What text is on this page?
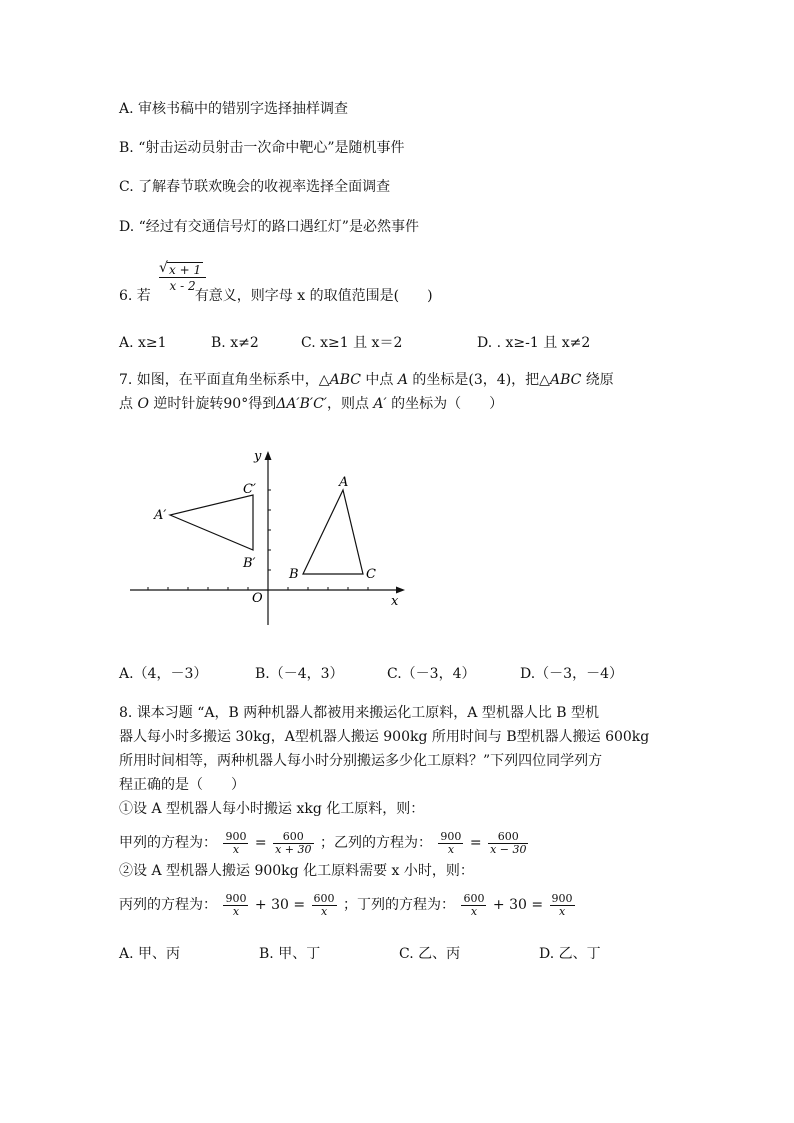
A. 审核书稿中的错别字选择抽样调查
B. “射击运动员射击一次命中靶心”是随机事件
C. 了解春节联欢晚会的收视率选择全面调查
D. “经过有交通信号灯的路口遇红灯”是必然事件
6. 若	有意义，则字母 x 的取值范围是(　　)
$\frac{√ x + 1}{x - 2}$
A. x≥1	B. x≠2	C. x≥1 且 x＝2	D. . x≥-1 且 x≠2
7. 如图，在平面直角坐标系中，△ABC 中点 A 的坐标是(3，4)，把△ABC 绕原
点 O 逆时针旋转90°得到ΔA′B′C′，则点 A′ 的坐标为（　　）
y
x
O
A
B	C
A′
B′
C′
A.（4，－3）	B.（－4，3）	C.（－3，4）	D.（－3，－4）
8. 课本习题 “A，B 两种机器人都被用来搬运化工原料，A 型机器人比 B 型机
器人每小时多搬运 30kg，A型机器人搬运 900kg 所用时间与 B型机器人搬运 600kg
所用时间相等，两种机器人每小时分别搬运多少化工原料？”下列四位同学列方
程正确的是（　　）
①设 A 型机器人每小时搬运 xkg 化工原料，则：
甲列的方程为： $\frac{900}{x} = \frac{600}{x + 30}$ ；乙列的方程为： $\frac{900}{x} = \frac{600}{x - 30}$
②设 A 型机器人搬运 900kg 化工原料需要 x 小时，则：
丙列的方程为： $\frac{900}{x} + 30 = \frac{600}{x}$ ；丁列的方程为： $\frac{600}{x} + 30 = \frac{900}{x}$
A. 甲、丙	B. 甲、丁	C. 乙、丙	D. 乙、丁
